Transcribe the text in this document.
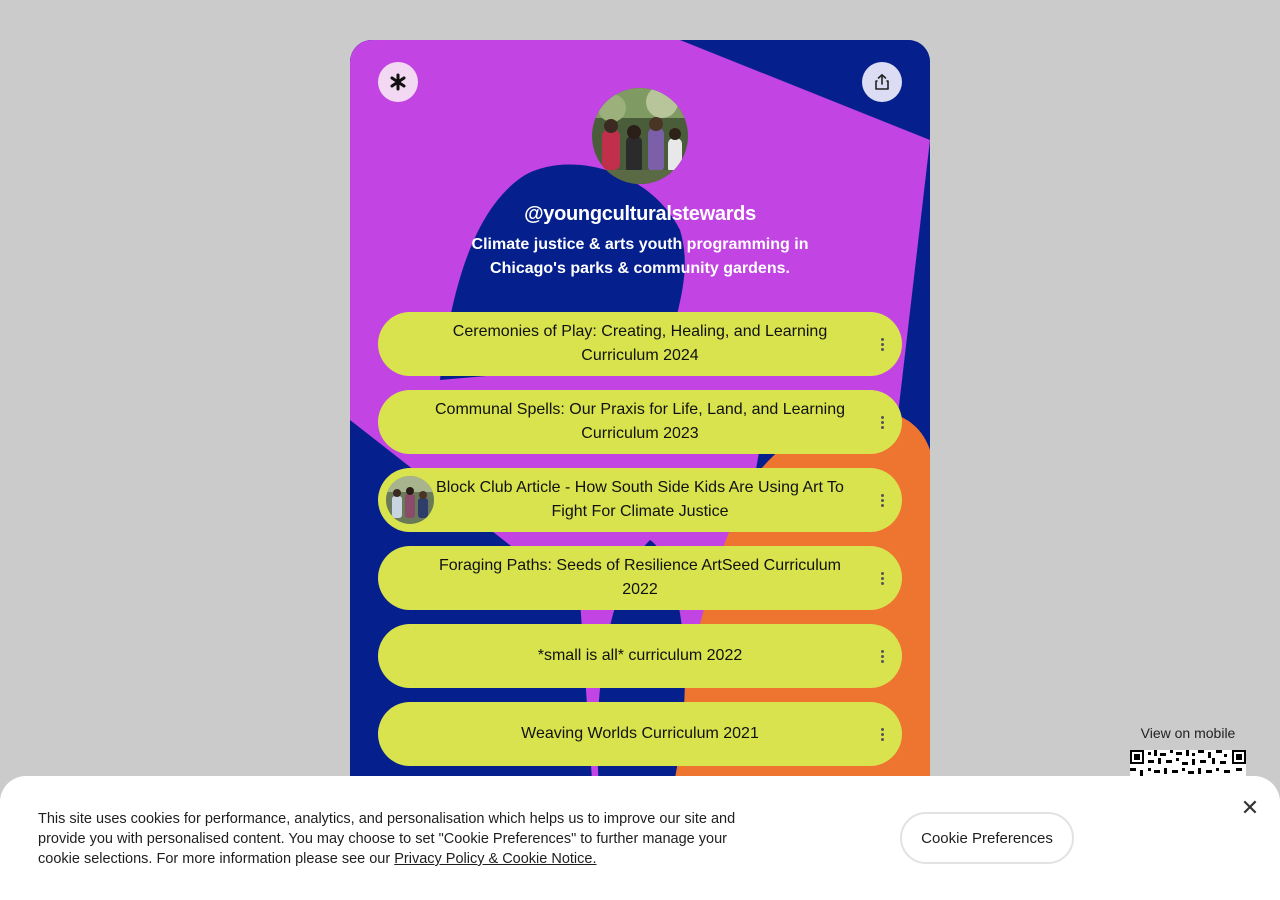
@youngculturalstewards
Climate justice & arts youth programming in Chicago's parks & community gardens.
Ceremonies of Play: Creating, Healing, and Learning Curriculum 2024
Communal Spells: Our Praxis for Life, Land, and Learning Curriculum 2023
Block Club Article - How South Side Kids Are Using Art To Fight For Climate Justice
Foraging Paths: Seeds of Resilience ArtSeed Curriculum 2022
*small is all* curriculum 2022
Weaving Worlds Curriculum 2021	View on mobile
This site uses cookies for performance, analytics, and personalisation which helps us to improve our site and provide you with personalised content. You may choose to set "Cookie Preferences" to further manage your cookie selections. For more information please see our Privacy Policy & Cookie Notice.
Cookie Preferences
✕
